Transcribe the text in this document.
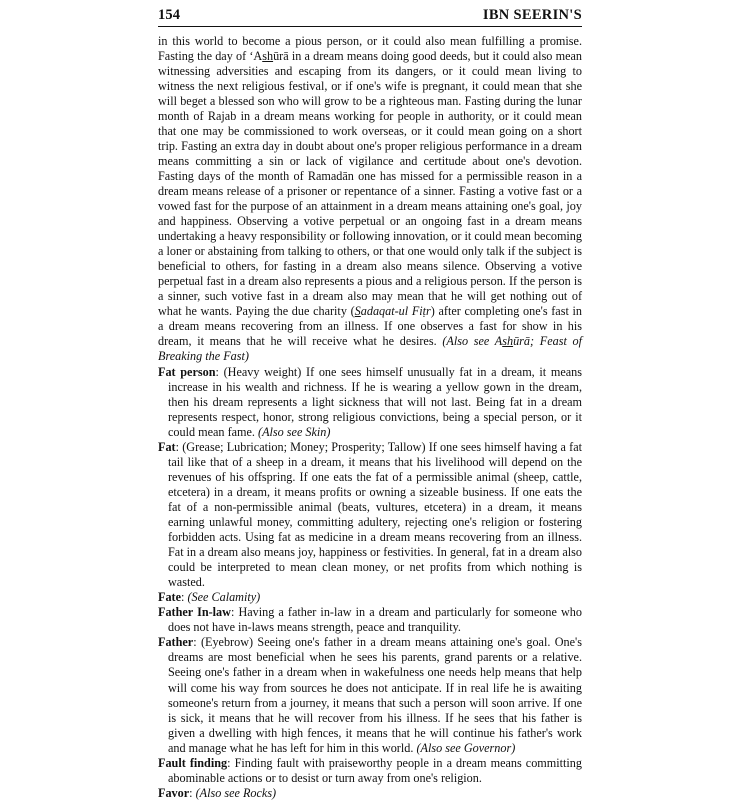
154	IBN SEERIN'S

in this world to become a pious person, or it could also mean fulfilling a promise. Fasting the day of ‘Ashūrā in a dream means doing good deeds, but it could also mean witnessing adversities and escaping from its dangers, or it could mean living to witness the next religious festival, or if one's wife is pregnant, it could mean that she will beget a blessed son who will grow to be a righteous man. Fasting during the lunar month of Rajab in a dream means working for people in authority, or it could mean that one may be commissioned to work overseas, or it could mean going on a short trip. Fasting an extra day in doubt about one's proper religious performance in a dream means committing a sin or lack of vigilance and certitude about one's devotion. Fasting days of the month of Ramadān one has missed for a permissible reason in a dream means release of a prisoner or repentance of a sinner. Fasting a votive fast or a vowed fast for the purpose of an attainment in a dream means attaining one's goal, joy and happiness. Observing a votive perpetual or an ongoing fast in a dream means undertaking a heavy responsibility or following innovation, or it could mean becoming a loner or abstaining from talking to others, or that one would only talk if the subject is beneficial to others, for fasting in a dream also means silence. Observing a votive perpetual fast in a dream also represents a pious and a religious person. If the person is a sinner, such votive fast in a dream also may mean that he will get nothing out of what he wants. Paying the due charity (Sadaqat-ul Fiṭr) after completing one's fast in a dream means recovering from an illness. If one observes a fast for show in his dream, it means that he will receive what he desires. (Also see Ashūrā; Feast of Breaking the Fast)

Fat person: (Heavy weight) If one sees himself unusually fat in a dream, it means increase in his wealth and richness. If he is wearing a yellow gown in the dream, then his dream represents a light sickness that will not last. Being fat in a dream represents respect, honor, strong religious convictions, being a special person, or it could mean fame. (Also see Skin)

Fat: (Grease; Lubrication; Money; Prosperity; Tallow) If one sees himself having a fat tail like that of a sheep in a dream, it means that his livelihood will depend on the revenues of his offspring. If one eats the fat of a permissible animal (sheep, cattle, etcetera) in a dream, it means profits or owning a sizeable business. If one eats the fat of a non-permissible animal (beats, vultures, etcetera) in a dream, it means earning unlawful money, committing adultery, rejecting one's religion or fostering forbidden acts. Using fat as medicine in a dream means recovering from an illness. Fat in a dream also means joy, happiness or festivities. In general, fat in a dream also could be interpreted to mean clean money, or net profits from which nothing is wasted.

Fate: (See Calamity)

Father In-law: Having a father in-law in a dream and particularly for someone who does not have in-laws means strength, peace and tranquility.

Father: (Eyebrow) Seeing one's father in a dream means attaining one's goal. One's dreams are most beneficial when he sees his parents, grand parents or a relative. Seeing one's father in a dream when in wakefulness one needs help means that help will come his way from sources he does not anticipate. If in real life he is awaiting someone's return from a journey, it means that such a person will soon arrive. If one is sick, it means that he will recover from his illness. If he sees that his father is given a dwelling with high fences, it means that he will continue his father's work and manage what he has left for him in this world. (Also see Governor)

Fault finding: Finding fault with praiseworthy people in a dream means committing abominable actions or to desist or turn away from one's religion.

Favor: (Also see Rocks)
